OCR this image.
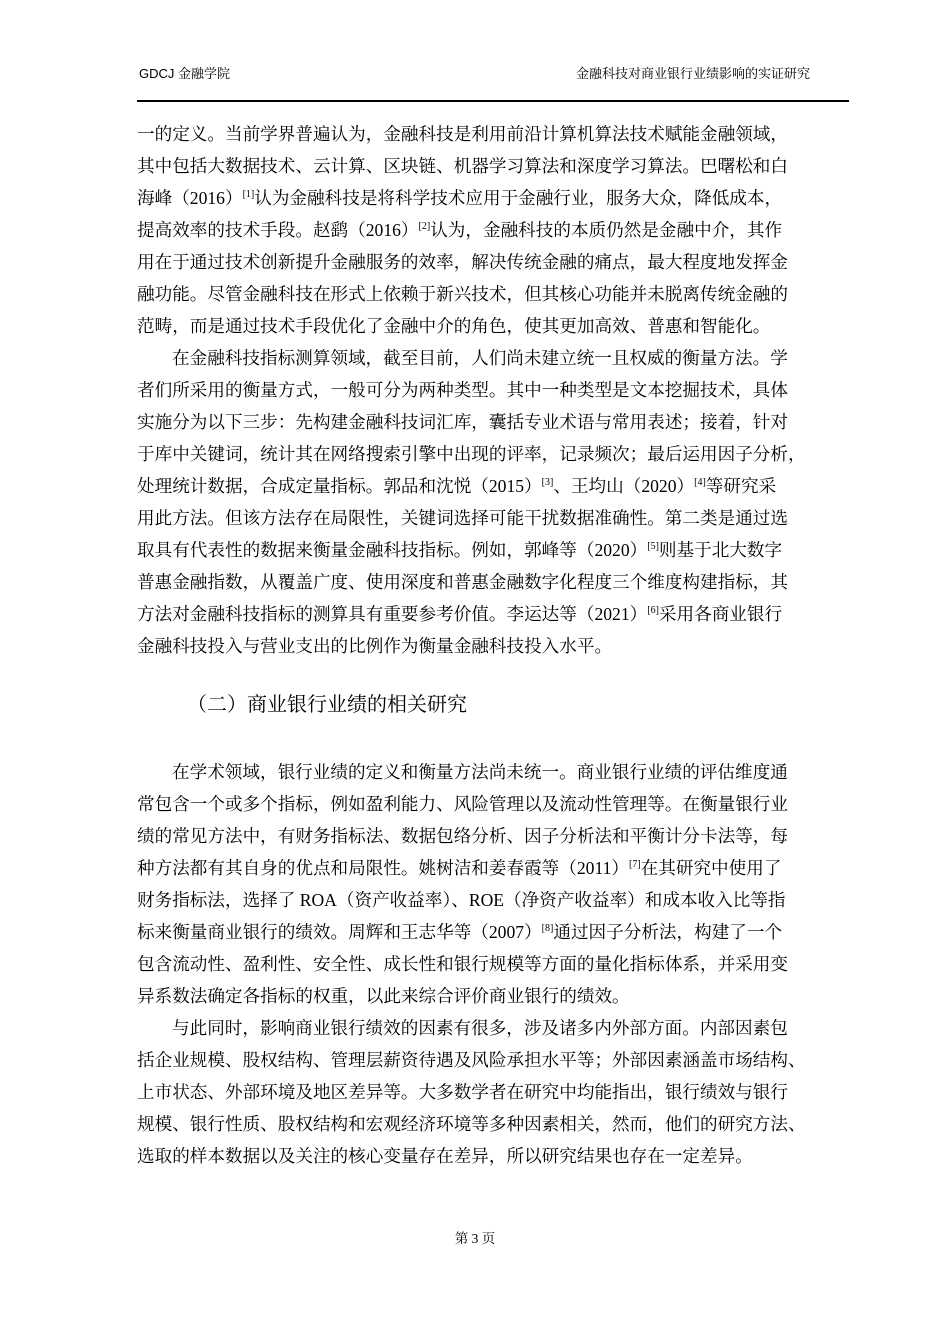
GDCJ 金融学院	金融科技对商业银行业绩影响的实证研究
一的定义。当前学界普遍认为，金融科技是利用前沿计算机算法技术赋能金融领域，
其中包括大数据技术、云计算、区块链、机器学习算法和深度学习算法。巴曙松和白
海峰（2016）[1]认为金融科技是将科学技术应用于金融行业，服务大众，降低成本，
提高效率的技术手段。赵鹞（2016）[2]认为，金融科技的本质仍然是金融中介，其作
用在于通过技术创新提升金融服务的效率，解决传统金融的痛点，最大程度地发挥金
融功能。尽管金融科技在形式上依赖于新兴技术，但其核心功能并未脱离传统金融的
范畴，而是通过技术手段优化了金融中介的角色，使其更加高效、普惠和智能化。
在金融科技指标测算领域，截至目前，人们尚未建立统一且权威的衡量方法。学
者们所采用的衡量方式，一般可分为两种类型。其中一种类型是文本挖掘技术，具体
实施分为以下三步：先构建金融科技词汇库，囊括专业术语与常用表述；接着，针对
于库中关键词，统计其在网络搜索引擎中出现的评率，记录频次；最后运用因子分析，
处理统计数据，合成定量指标。郭品和沈悦（2015）[3]、王均山（2020）[4]等研究采
用此方法。但该方法存在局限性，关键词选择可能干扰数据准确性。第二类是通过选
取具有代表性的数据来衡量金融科技指标。例如，郭峰等（2020）[5]则基于北大数字
普惠金融指数，从覆盖广度、使用深度和普惠金融数字化程度三个维度构建指标，其
方法对金融科技指标的测算具有重要参考价值。李运达等（2021）[6]采用各商业银行
金融科技投入与营业支出的比例作为衡量金融科技投入水平。
（二）商业银行业绩的相关研究
在学术领域，银行业绩的定义和衡量方法尚未统一。商业银行业绩的评估维度通
常包含一个或多个指标，例如盈利能力、风险管理以及流动性管理等。在衡量银行业
绩的常见方法中，有财务指标法、数据包络分析、因子分析法和平衡计分卡法等，每
种方法都有其自身的优点和局限性。姚树洁和姜春霞等（2011）[7]在其研究中使用了
财务指标法，选择了 ROA（资产收益率）、ROE（净资产收益率）和成本收入比等指
标来衡量商业银行的绩效。周辉和王志华等（2007）[8]通过因子分析法，构建了一个
包含流动性、盈利性、安全性、成长性和银行规模等方面的量化指标体系，并采用变
异系数法确定各指标的权重，以此来综合评价商业银行的绩效。
与此同时，影响商业银行绩效的因素有很多，涉及诸多内外部方面。内部因素包
括企业规模、股权结构、管理层薪资待遇及风险承担水平等；外部因素涵盖市场结构、
上市状态、外部环境及地区差异等。大多数学者在研究中均能指出，银行绩效与银行
规模、银行性质、股权结构和宏观经济环境等多种因素相关，然而，他们的研究方法、
选取的样本数据以及关注的核心变量存在差异，所以研究结果也存在一定差异。
第 3 页
